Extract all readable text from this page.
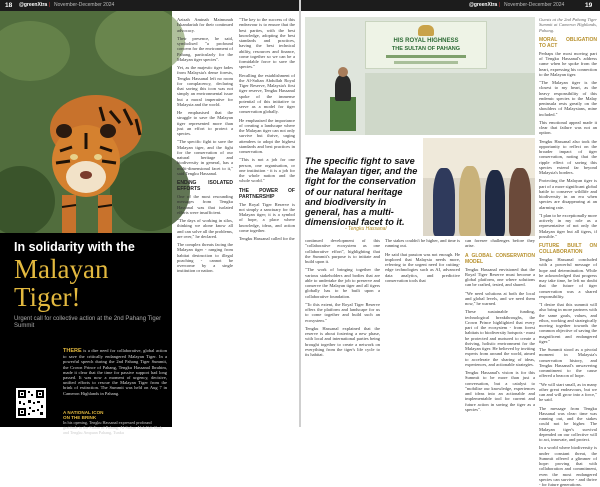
18 @greenXtra | November-December 2024
In solidarity with the
Malayan
Tiger!
Urgent call for collective action at the 2nd Pahang Tiger Summit
THERE is a dire need for collaborative, global action to save the critically endangered Malayan Tiger. In a powerful speech during the 2nd Pahang Tiger Summit, the Crown Prince of Pahang, Tengku Hassanal Ibrahim, made it clear that the time for passive support had long passed. It was now a moment of urgency, decisive, unified efforts to rescue the Malayan Tiger from the brink of extinction. The Summit was held on Aug 7 in Cameron Highlands in Pahang.
A NATIONAL ICON
ON THE BRINK
In his opening, Tengku Hassanal expressed profound gratitude to the Sultan of Pahang, Al-Sultan Abdullah Shah, and Tengku Ampuan Pahang, Tunku

Azizah Aminah Maimunah Iskandariah for their continued advocacy.

Their presence, he said, symbolised "a profound concern for the environment of Pahang, particularly for the Malayan tiger species".

Yet, as the majestic tiger fades from Malaysia's dense forests, Tengku Hassanal left no room for complacency, declaring that saving this icon was not simply an environmental issue but a moral imperative for Malaysia and the world.

He emphasised that the struggle to save the Malayan tiger represented more than just an effort to protect a species.

"The specific fight to save the Malayan tiger, and the fight for the conservation of our natural heritage and biodiversity in general, has a multi-dimensional facet to it," said Tengku Hassanal.

ENDING ISOLATED EFFORTS

One of the most resounding messages from Tengku Hassanal was that isolated efforts were insufficient.

"The days of working in silos, thinking we alone know all and can solve all the problems, are over," he declared.

The complex threats facing the Malayan tiger - ranging from habitat destruction to illegal poaching - cannot be overcome by a single institution or nation.

"The key to the success of this endeavour is to ensure that the best parties, with the best knowledge, adopting the best standards and practices, having the best technical ability, resources and finance, come together so we can be a formidable force to save the species."

Recalling the establishment of the Al-Sultan Abdullah Royal Tiger Reserve, Malaysia's first tiger reserve, Tengku Hassanal spoke of the immense potential of this initiative to serve as a model for tiger conservation globally.

He emphasised the importance of creating a landscape where the Malayan tiger can not only survive but thrive, urging attendees to adopt the highest standards and best practices in conservation.

"This is not a job for one person, one organisation, or one institution - it is a job for the whole nation and the whole world."

THE POWER OF PARTNERSHIP

The Royal Tiger Reserve is not simply a sanctuary for the Malayan tiger; it is a symbol of hope, a place where knowledge, ideas, and action come together.

Tengku Hassanal called for the

@greenXtra | November-December 2024	19
HIS ROYAL HIGHNESS
THE SULTAN OF PAHANG
The specific fight to save the Malayan tiger, and the fight for the conservation of our natural heritage and biodiversity in general, has a multi-dimensional facet to it.
- Tengku Hassanal

continued development of this "collaborative ecosystem as one collaborative effort", highlighting that the Summit's purpose is to initiate and build upon it.

"The work of bringing together the various stakeholders and bodies that are able to undertake the job to preserve and conserve the Malayan tiger and all tigers globally has to be built upon a collaborative foundation.

"To this extent, the Royal Tiger Reserve offers the platform and landscape for us to come together and build such an ecosystem."

Tengku Hassanal explained that the reserve is about fostering a new phase, with local and international parties being brought together to create a network on everything from the tiger's life cycle to its habitat.

The stakes couldn't be higher, and time is running out.

He said that passion was not enough. He implored that Malaysia needs more, referring to the urgent need for cutting-edge technologies such as AI, advanced data analytics, and predictive conservation tools that

can foresee challenges before they arise.

A GLOBAL CONSERVATION MODEL

Tengku Hassanal envisioned that the Royal Tiger Reserve must become a global platform, one where solutions can be crafted, tested, and shared.

"We need solutions at both the local and global levels, and we need them now," he warned.

These sustainable funding, technological breakthroughs, the Crown Prince highlighted that every part of the ecosystem - from forest habitats to biodiversity hotspots - must be protected and nurtured to create a thriving, holistic environment for the Malayan tiger. He believed by inviting experts from around the world, aimed to accelerate the sharing of ideas, experiences, and actionable strategies.

Tengku Hassanal's vision is for this Summit to be more than just a conversation, but a catalyst to "mobilise our knowledge, experiences and ideas into an actionable and implementable tool for current and future action in saving the tiger as a species".

Guests at the 2nd Pahang Tiger Summit at Cameron Highlands, Pahang.

MORAL OBLIGATION TO ACT

Perhaps the most moving part of Tengku Hassanal's address came when he spoke from the heart, expressing his connection to the Malayan tiger.

"The Malayan tiger is the closest to my heart, as the heavy responsibility of this endemic species to the Malay peninsula rests greatly on the shoulders of Malaysians, mine included."

This emotional appeal made it clear that failure was not an option.

Tengku Hassanal also took the opportunity to reflect on the broader impact of tiger conservation, noting that the ripple effect of saving this species extend far beyond Malaysia's borders.

Protecting the Malayan tiger is part of a more significant global battle to conserve wildlife and biodiversity in an era when species are disappearing at an alarming rate.

"I plan to be exceptionally more actively in my role as a representative of not only the Malayan tiger but all tigers, if possible."

FUTURE BUILT ON COLLABORATION

Tengku Hassanal concluded with a powerful message of hope and determination. While he acknowledged that progress may take time, he left no doubt that the future of tiger conservation was a shared responsibility.

"I desire that this summit will also bring in more partners with the same goals, values, and ethos, working and strategically moving together towards the common objective of saving the magnificent and endangered tiger."

The Summit stood as a pivotal moment in Malaysia's conservation history, and Tengku Hassanal's unwavering commitment to the cause offered a beacon of hope.

"We will start small, as in many other great endeavours, but we can and will grow into a force," he said.

The message from Tengku Hassanal was clear: time was running out, and the stakes could not be higher. The Malayan tiger's survival depended on our collective will to act, innovate, and protect.

In a world where biodiversity is under constant threat, the Summit offered a glimmer of hope: proving that with collaboration and commitment, even the most endangered species can survive - and thrive - for future generations.
